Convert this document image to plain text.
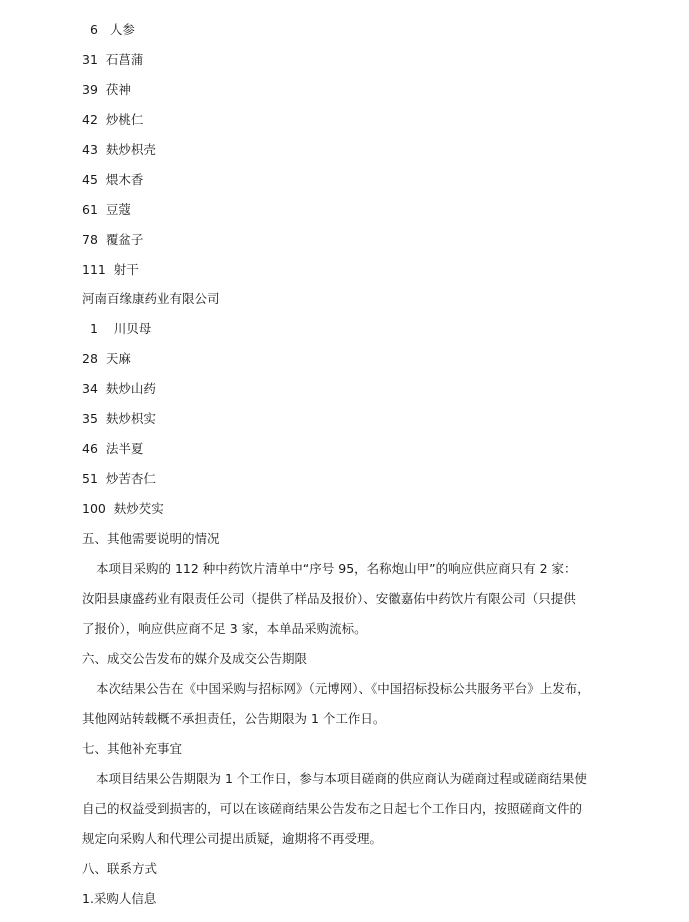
6   人参
31  石菖蒲
39  茯神
42  炒桃仁
43  麸炒枳壳
45  煨木香
61  豆蔻
78  覆盆子
111  射干
河南百缘康药业有限公司
1    川贝母
28  天麻
34  麸炒山药
35  麸炒枳实
46  法半夏
51  炒苦杏仁
100  麸炒芡实
五、其他需要说明的情况
本项目采购的 112 种中药饮片清单中“序号 95，名称炮山甲”的响应供应商只有 2 家：
汝阳县康盛药业有限责任公司（提供了样品及报价）、安徽嘉佑中药饮片有限公司（只提供
了报价），响应供应商不足 3 家，本单品采购流标。
六、成交公告发布的媒介及成交公告期限
本次结果公告在《中国采购与招标网》（元博网）、《中国招标投标公共服务平台》上发布，
其他网站转载概不承担责任，公告期限为 1 个工作日。
七、其他补充事宜
本项目结果公告期限为 1 个工作日，参与本项目磋商的供应商认为磋商过程或磋商结果使
自己的权益受到损害的，可以在该磋商结果公告发布之日起七个工作日内，按照磋商文件的
规定向采购人和代理公司提出质疑，逾期将不再受理。
八、联系方式
1.采购人信息
